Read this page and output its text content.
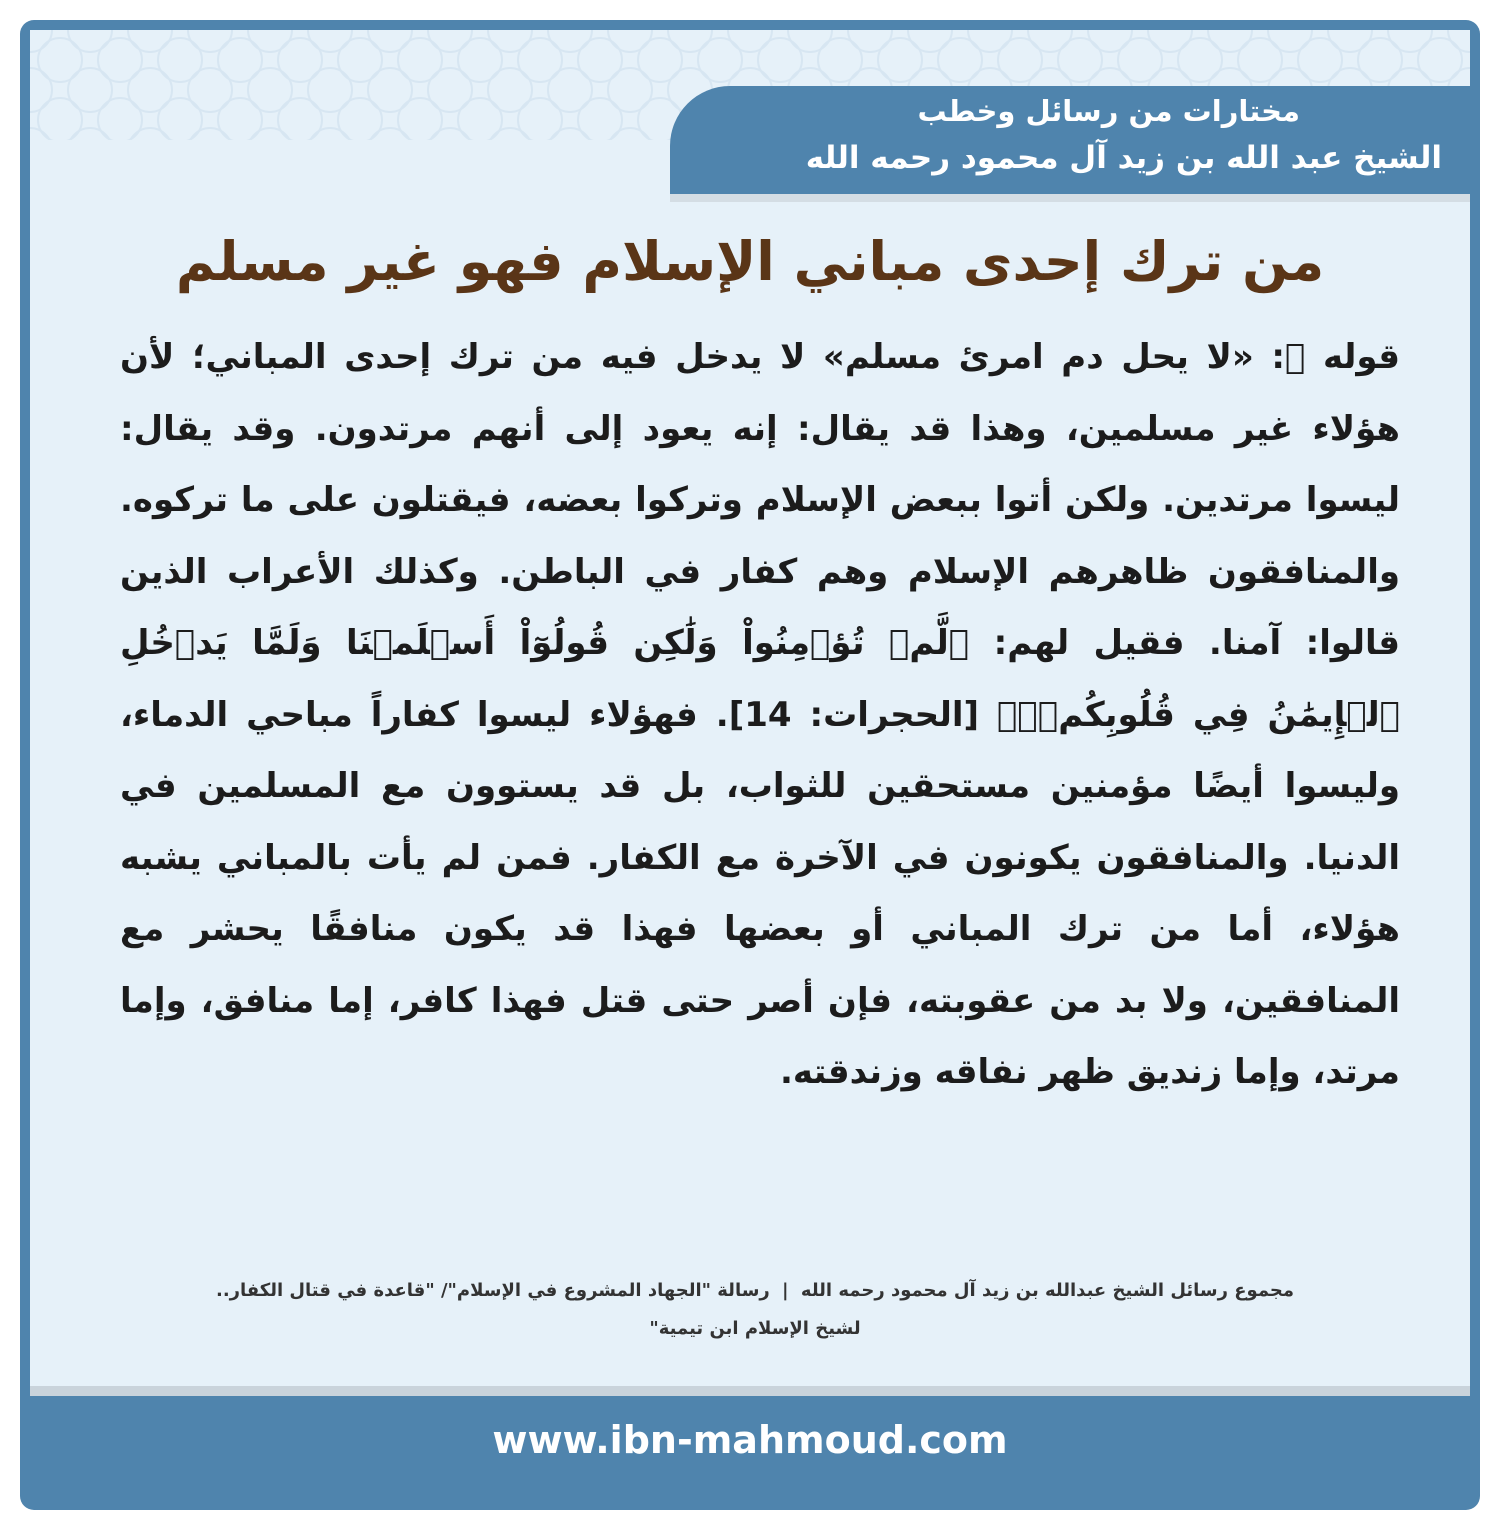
مختارات من رسائل وخطب
الشيخ عبد الله بن زيد آل محمود رحمه الله
من ترك إحدى مباني الإسلام فهو غير مسلم
قوله ﷺ: «لا يحل دم امرئ مسلم» لا يدخل فيه من ترك إحدى المباني؛ لأن هؤلاء غير مسلمين، وهذا قد يقال: إنه يعود إلى أنهم مرتدون. وقد يقال: ليسوا مرتدين. ولكن أتوا ببعض الإسلام وتركوا بعضه، فيقتلون على ما تركوه. والمنافقون ظاهرهم الإسلام وهم كفار في الباطن. وكذلك الأعراب الذين قالوا: آمنا. فقيل لهم: ﴿لَّمۡ تُؤۡمِنُواْ وَلَٰكِن قُولُوٓاْ أَسۡلَمۡنَا وَلَمَّا يَدۡخُلِ ٱلۡإِيمَٰنُ فِي قُلُوبِكُمۡۖ﴾ [الحجرات: 14]. فهؤلاء ليسوا كفاراً مباحي الدماء، وليسوا أيضًا مؤمنين مستحقين للثواب، بل قد يستوون مع المسلمين في الدنيا. والمنافقون يكونون في الآخرة مع الكفار. فمن لم يأت بالمباني يشبه هؤلاء، أما من ترك المباني أو بعضها فهذا قد يكون منافقًا يحشر مع المنافقين، ولا بد من عقوبته، فإن أصر حتى قتل فهذا كافر، إما منافق، وإما مرتد، وإما زنديق ظهر نفاقه وزندقته.
مجموع رسائل الشيخ عبدالله بن زيد آل محمود رحمه الله | رسالة "الجهاد المشروع في الإسلام"/ "قاعدة في قتال الكفار..
لشيخ الإسلام ابن تيمية"
www.ibn-mahmoud.com
